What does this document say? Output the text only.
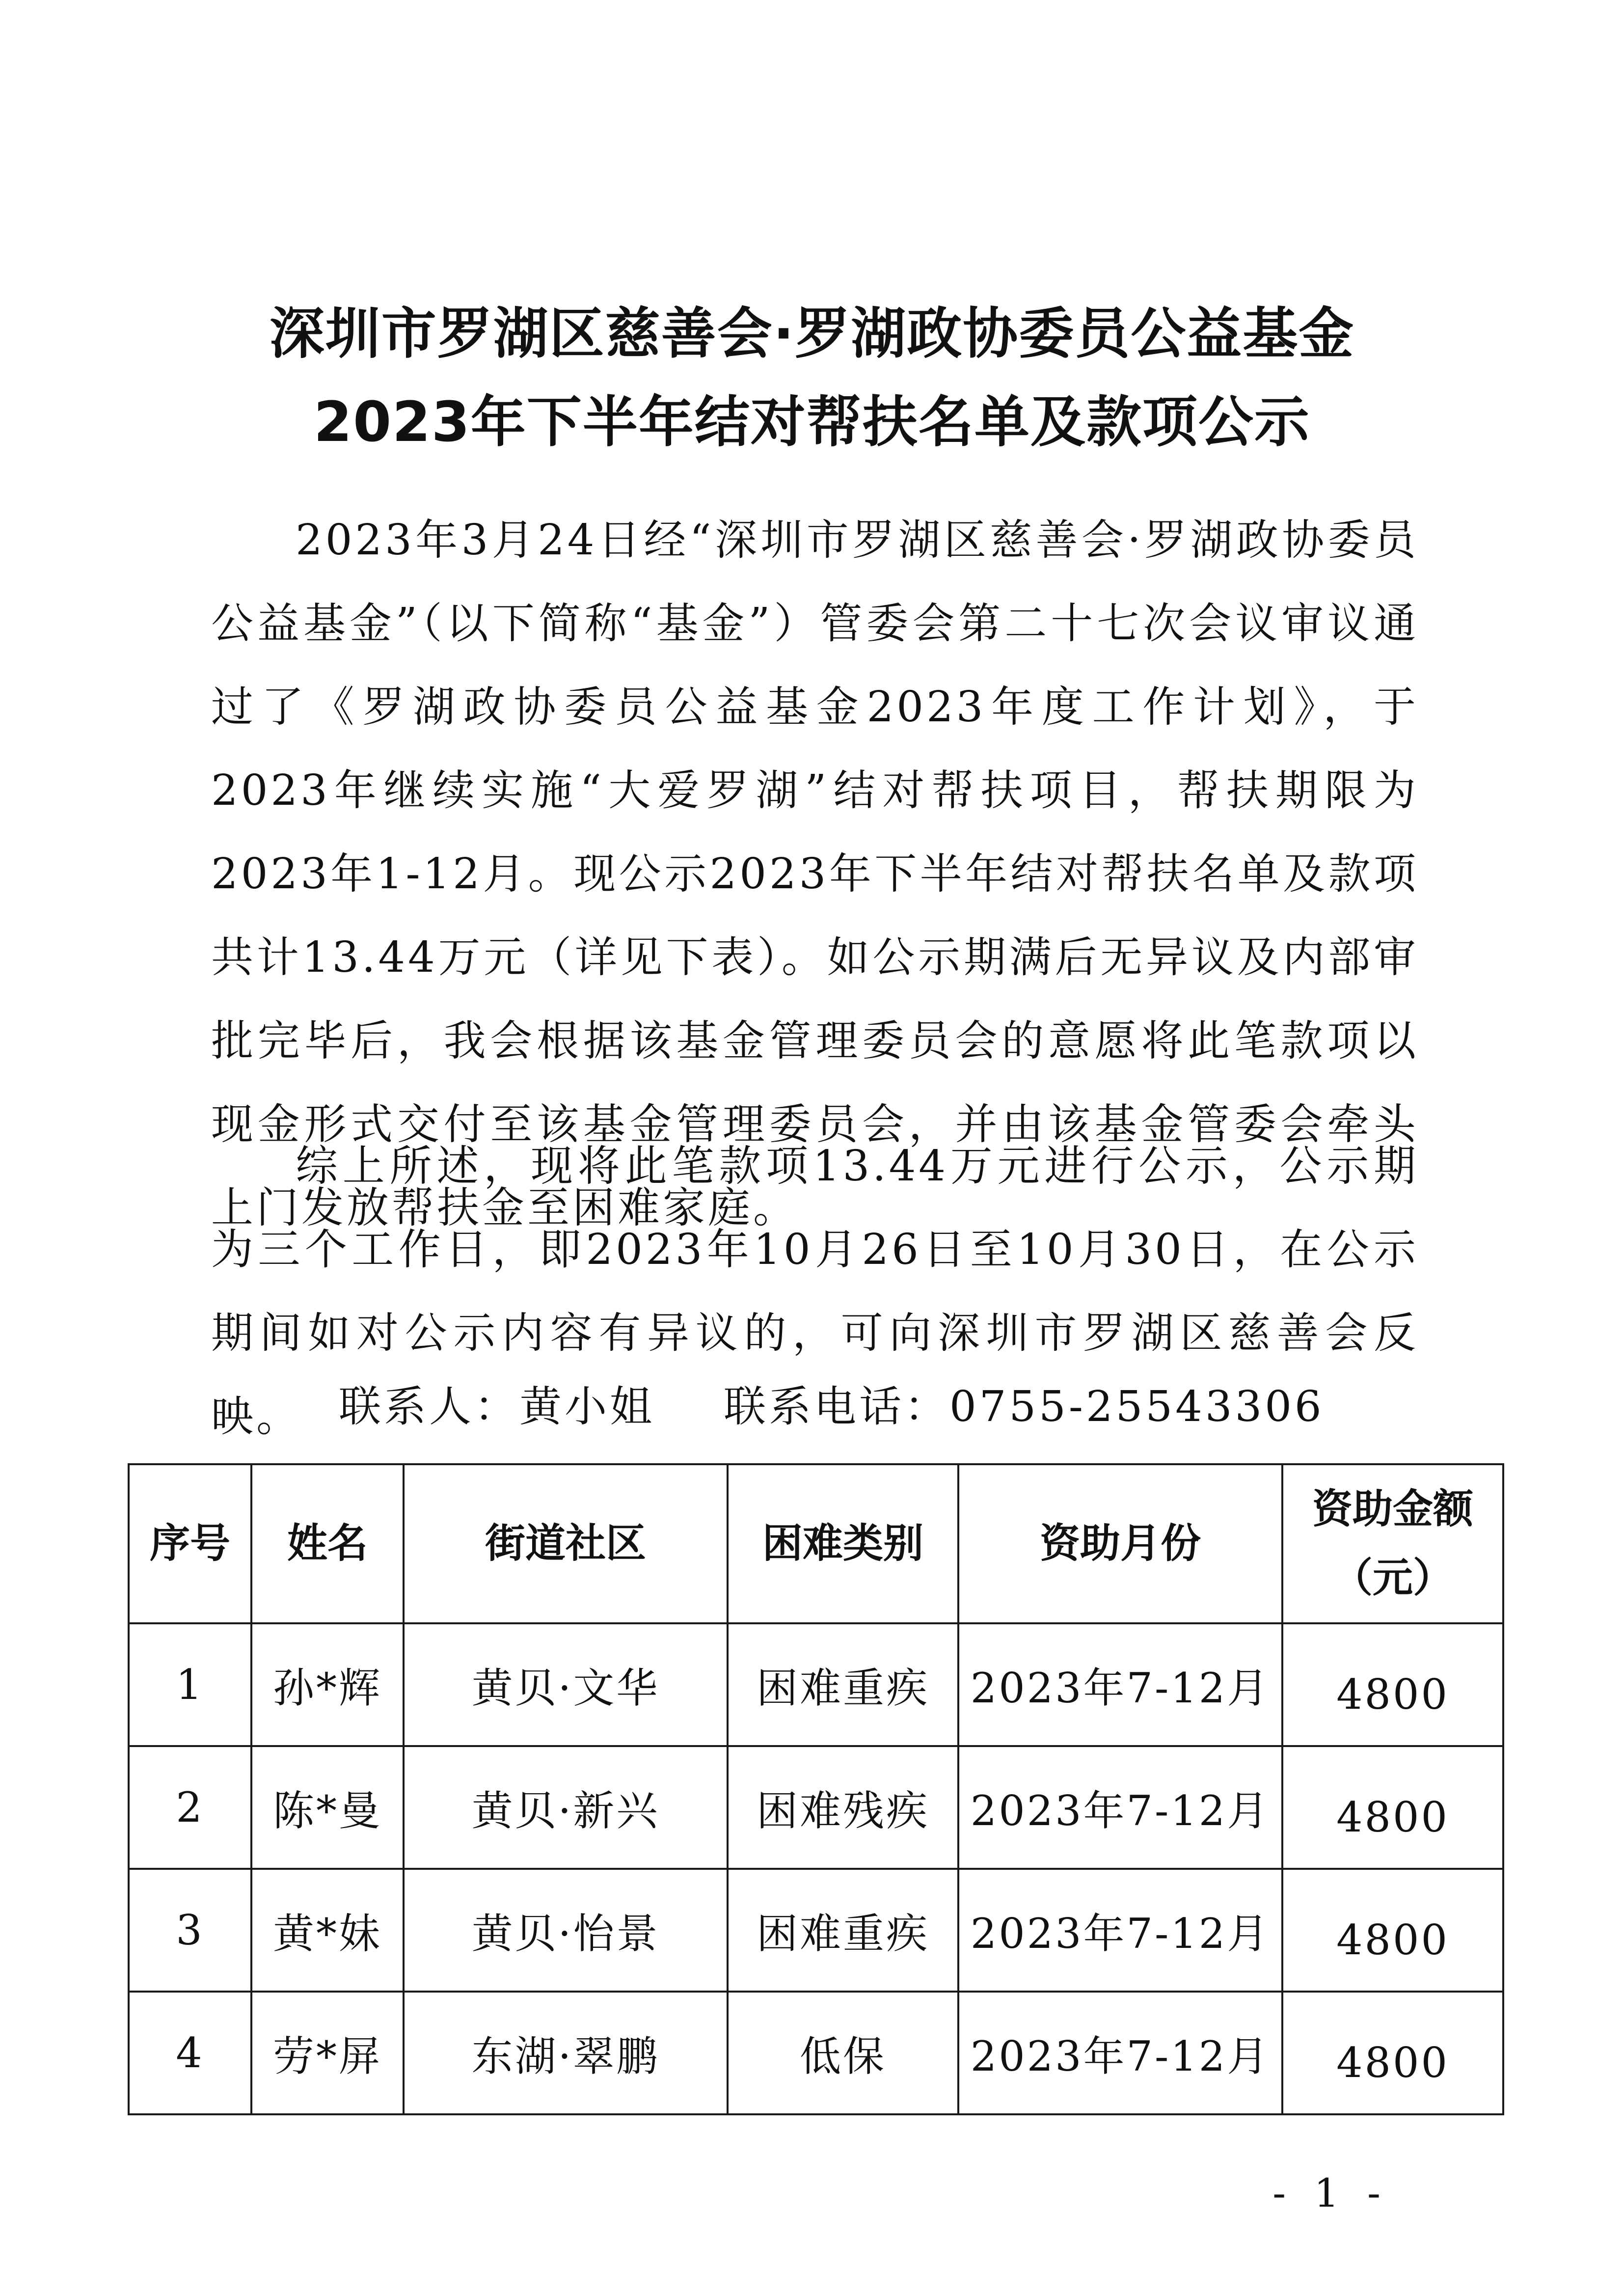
深圳市罗湖区慈善会·罗湖政协委员公益基金
2023年下半年结对帮扶名单及款项公示

2023年3月24日经“深圳市罗湖区慈善会·罗湖政协委员公益基金”（以下简称“基金”）管委会第二十七次会议审议通过了《罗湖政协委员公益基金2023年度工作计划》，于2023年继续实施“大爱罗湖”结对帮扶项目，帮扶期限为2023年1-12月。现公示2023年下半年结对帮扶名单及款项共计13.44万元（详见下表）。如公示期满后无异议及内部审批完毕后，我会根据该基金管理委员会的意愿将此笔款项以现金形式交付至该基金管理委员会，并由该基金管委会牵头上门发放帮扶金至困难家庭。

综上所述，现将此笔款项13.44万元进行公示，公示期为三个工作日，即2023年10月26日至10月30日，在公示期间如对公示内容有异议的，可向深圳市罗湖区慈善会反映。 联系人：黄小姐 联系电话：0755-25543306
序号	姓名	街道社区	困难类别	资助月份	资助金额
（元）
1	孙*辉	黄贝·文华	困难重疾	2023年7-12月	4800
2	陈*曼	黄贝·新兴	困难残疾	2023年7-12月	4800
3	黄*妹	黄贝·怡景	困难重疾	2023年7-12月	4800
4	劳*屏	东湖·翠鹏	低保	2023年7-12月	4800
- 1 -
